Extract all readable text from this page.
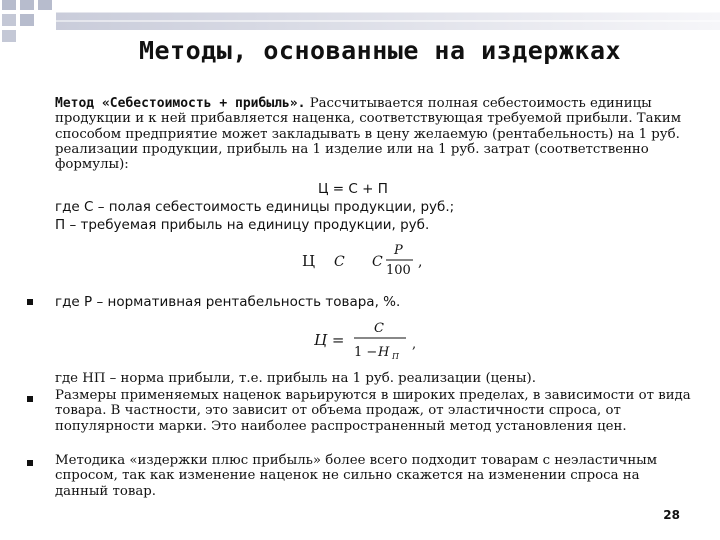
Методы, основанные на издержках
Метод «Себестоимость + прибыль». Рассчитывается полная себестоимость единицы продукции и к ней прибавляется наценка, соответствующая требуемой прибыли. Таким способом предприятие может закладывать в цену желаемую (рентабельность) на 1 руб. реализации продукции, прибыль на 1 изделие или на 1 руб. затрат (соответственно формулы):
Ц = С + П
где С – полая себестоимость единицы продукции, руб.;
П – требуемая прибыль на единицу продукции, руб.
Ц С С
P
100
,
где Р – нормативная рентабельность товара, %.
Ц =
С
1 − Н П
,
где НП – норма прибыли, т.е. прибыль на 1 руб. реализации (цены).
Размеры применяемых наценок варьируются в широких пределах, в зависимости от вида товара. В частности, это зависит от объема продаж, от эластичности спроса, от популярности марки. Это наиболее распространенный метод установления цен.
Методика «издержки плюс прибыль» более всего подходит товарам с неэластичным спросом, так как изменение наценок не сильно скажется на изменении спроса на данный товар.
28
